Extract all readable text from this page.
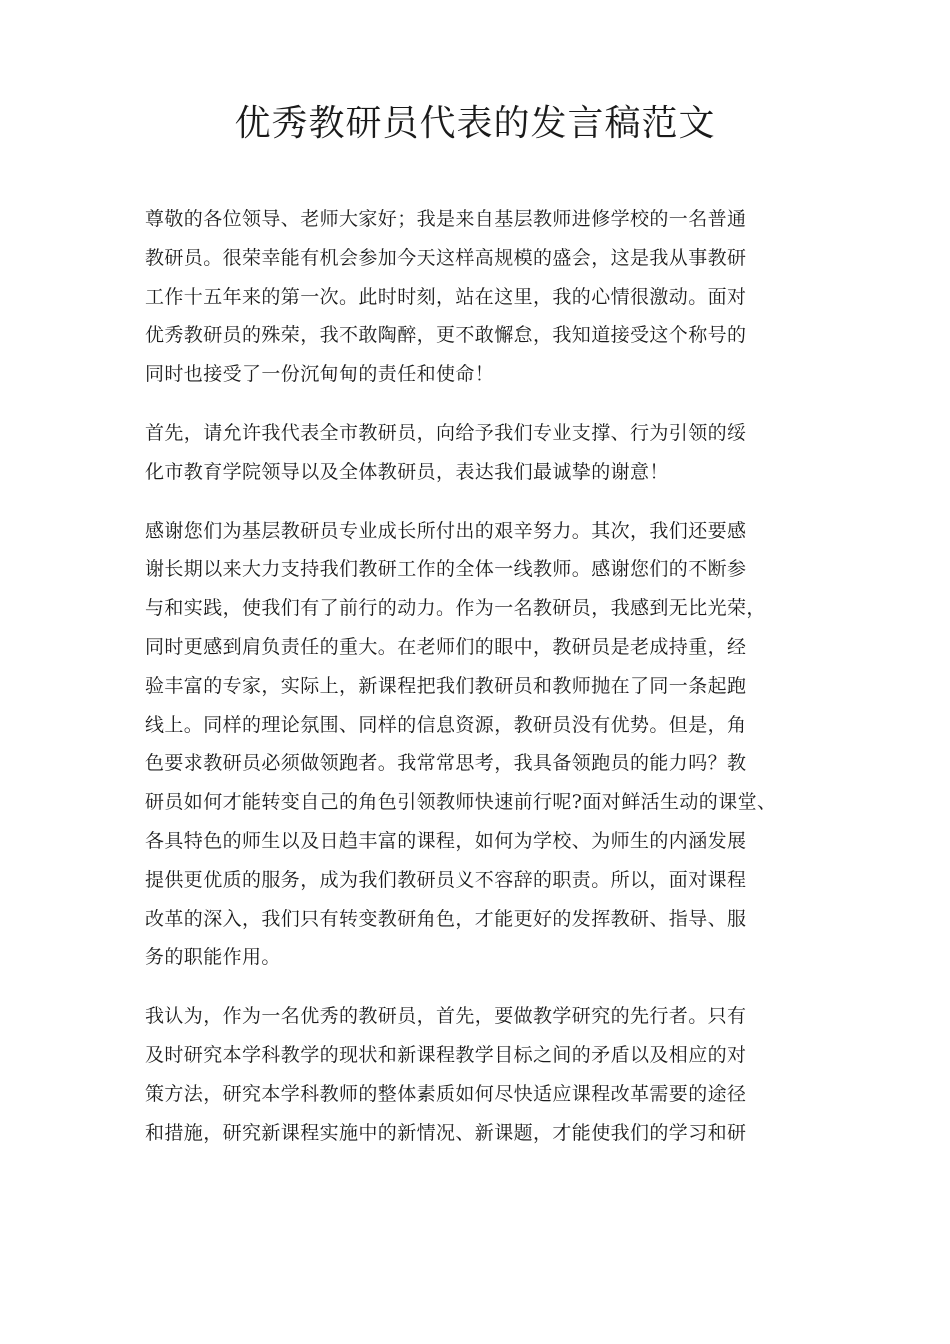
优秀教研员代表的发言稿范文

尊敬的各位领导、老师大家好；我是来自基层教师进修学校的一名普通
教研员。很荣幸能有机会参加今天这样高规模的盛会，这是我从事教研
工作十五年来的第一次。此时时刻，站在这里，我的心情很激动。面对
优秀教研员的殊荣，我不敢陶醉，更不敢懈怠，我知道接受这个称号的
同时也接受了一份沉甸甸的责任和使命！

首先，请允许我代表全市教研员，向给予我们专业支撑、行为引领的绥
化市教育学院领导以及全体教研员，表达我们最诚挚的谢意！

感谢您们为基层教研员专业成长所付出的艰辛努力。其次，我们还要感
谢长期以来大力支持我们教研工作的全体一线教师。感谢您们的不断参
与和实践，使我们有了前行的动力。作为一名教研员，我感到无比光荣，
同时更感到肩负责任的重大。在老师们的眼中，教研员是老成持重，经
验丰富的专家，实际上，新课程把我们教研员和教师抛在了同一条起跑
线上。同样的理论氛围、同样的信息资源，教研员没有优势。但是，角
色要求教研员必须做领跑者。我常常思考，我具备领跑员的能力吗？教
研员如何才能转变自己的角色引领教师快速前行呢?面对鲜活生动的课堂、
各具特色的师生以及日趋丰富的课程，如何为学校、为师生的内涵发展
提供更优质的服务，成为我们教研员义不容辞的职责。所以，面对课程
改革的深入，我们只有转变教研角色，才能更好的发挥教研、指导、服
务的职能作用。

我认为，作为一名优秀的教研员，首先，要做教学研究的先行者。只有
及时研究本学科教学的现状和新课程教学目标之间的矛盾以及相应的对
策方法，研究本学科教师的整体素质如何尽快适应课程改革需要的途径
和措施，研究新课程实施中的新情况、新课题，才能使我们的学习和研
